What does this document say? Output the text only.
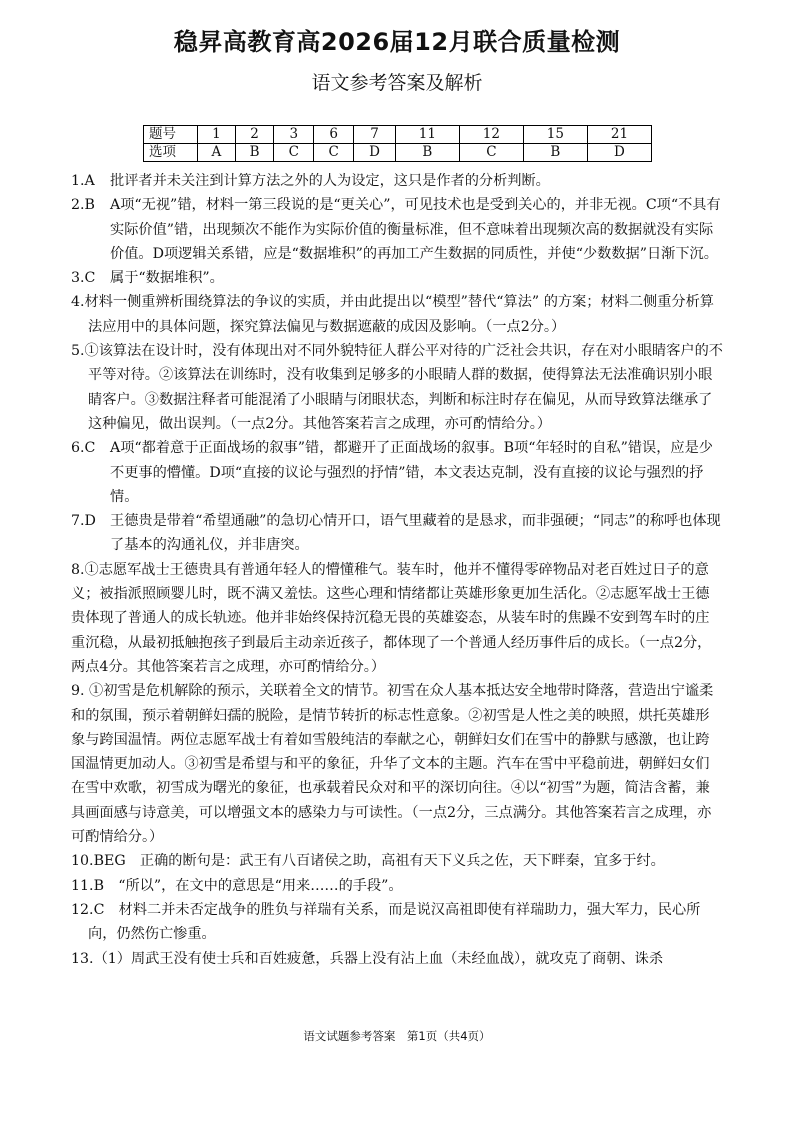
稳昇高教育高2026届12月联合质量检测
语文参考答案及解析
题号	1	2	3	6	7	11	12	15	21
选项	A	B	C	C	D	B	C	B	D
1.A 批评者并未关注到计算方法之外的人为设定，这只是作者的分析判断。
2.B A项“无视”错，材料一第三段说的是“更关心”，可见技术也是受到关心的，并非无视。C项“不具有实际价值”错，出现频次不能作为实际价值的衡量标准，但不意味着出现频次高的数据就没有实际价值。D项逻辑关系错，应是“数据堆积”的再加工产生数据的同质性，并使“少数数据”日渐下沉。
3.C 属于“数据堆积”。
4.材料一侧重辨析围绕算法的争议的实质，并由此提出以“模型”替代“算法” 的方案；材料二侧重分析算法应用中的具体问题，探究算法偏见与数据遮蔽的成因及影响。（一点2分。）
5.①该算法在设计时，没有体现出对不同外貌特征人群公平对待的广泛社会共识，存在对小眼睛客户的不平等对待。②该算法在训练时，没有收集到足够多的小眼睛人群的数据，使得算法无法准确识别小眼睛客户。③数据注释者可能混淆了小眼睛与闭眼状态，判断和标注时存在偏见，从而导致算法继承了这种偏见，做出误判。（一点2分。其他答案若言之成理，亦可酌情给分。）
6.C A项“都着意于正面战场的叙事”错，都避开了正面战场的叙事。B项“年轻时的自私”错误，应是少不更事的懵懂。D项“直接的议论与强烈的抒情”错，本文表达克制，没有直接的议论与强烈的抒情。
7.D 王德贵是带着“希望通融”的急切心情开口，语气里藏着的是恳求，而非强硬；“同志”的称呼也体现了基本的沟通礼仪，并非唐突。
8.①志愿军战士王德贵具有普通年轻人的懵懂稚气。装车时，他并不懂得零碎物品对老百姓过日子的意义；被指派照顾婴儿时，既不满又羞怯。这些心理和情绪都让英雄形象更加生活化。②志愿军战士王德贵体现了普通人的成长轨迹。他并非始终保持沉稳无畏的英雄姿态，从装车时的焦躁不安到驾车时的庄重沉稳，从最初抵触抱孩子到最后主动亲近孩子，都体现了一个普通人经历事件后的成长。（一点2分，两点4分。其他答案若言之成理，亦可酌情给分。）
9. ①初雪是危机解除的预示，关联着全文的情节。初雪在众人基本抵达安全地带时降落，营造出宁谧柔和的氛围，预示着朝鲜妇孺的脱险，是情节转折的标志性意象。②初雪是人性之美的映照，烘托英雄形象与跨国温情。两位志愿军战士有着如雪般纯洁的奉献之心，朝鲜妇女们在雪中的静默与感激，也让跨国温情更加动人。③初雪是希望与和平的象征，升华了文本的主题。汽车在雪中平稳前进，朝鲜妇女们在雪中欢歌，初雪成为曙光的象征，也承载着民众对和平的深切向往。④以“初雪”为题，简洁含蓄，兼具画面感与诗意美，可以增强文本的感染力与可读性。（一点2分，三点满分。其他答案若言之成理，亦可酌情给分。）
10.BEG　 正确的断句是：武王有八百诸侯之助，高祖有天下义兵之佐，天下畔秦，宜多于纣。
11.B　 “所以”，在文中的意思是“用来……的手段”。
12.C　 材料二并未否定战争的胜负与祥瑞有关系，而是说汉高祖即使有祥瑞助力，强大军力，民心所向，仍然伤亡惨重。
13.（1）周武王没有使士兵和百姓疲惫，兵器上没有沾上血（未经血战），就攻克了商朝、诛杀
语文试题参考答案　第1页（共4页）
